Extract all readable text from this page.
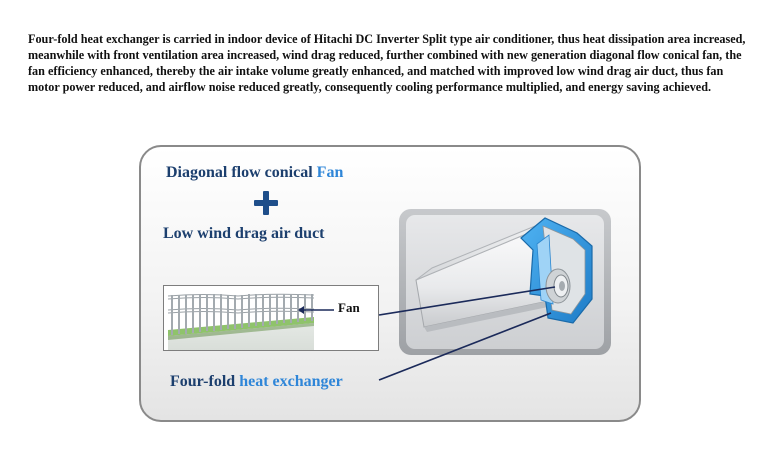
Four-fold heat exchanger is carried in indoor device of Hitachi DC Inverter Split type air conditioner, thus heat dissipation area increased, meanwhile with front ventilation area increased, wind drag reduced, further combined with new generation diagonal flow conical fan, the fan efficiency enhanced, thereby the air intake volume greatly enhanced, and matched with improved low wind drag air duct, thus fan motor power reduced, and airflow noise reduced greatly, consequently cooling performance multiplied, and energy saving achieved.

Diagonal flow conical Fan
Low wind drag air duct
Fan
Four-fold heat exchanger
